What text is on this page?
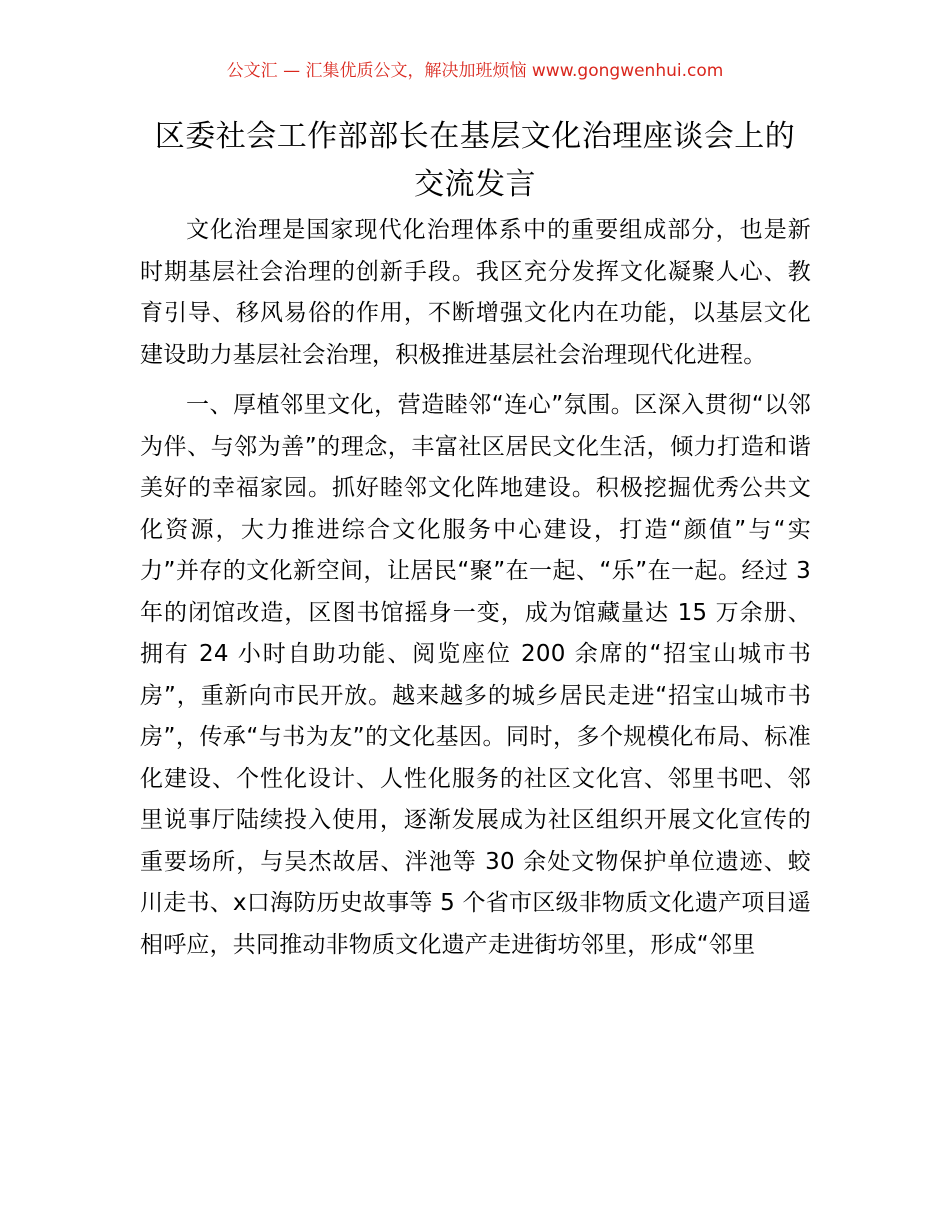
公文汇 — 汇集优质公文，解决加班烦恼 www.gongwenhui.com
区委社会工作部部长在基层文化治理座谈会上的交流发言

文化治理是国家现代化治理体系中的重要组成部分，也是新时期基层社会治理的创新手段。我区充分发挥文化凝聚人心、教育引导、移风易俗的作用，不断增强文化内在功能，以基层文化建设助力基层社会治理，积极推进基层社会治理现代化进程。

一、厚植邻里文化，营造睦邻“连心”氛围。区深入贯彻“以邻为伴、与邻为善”的理念，丰富社区居民文化生活，倾力打造和谐美好的幸福家园。抓好睦邻文化阵地建设。积极挖掘优秀公共文化资源，大力推进综合文化服务中心建设，打造“颜值”与“实力”并存的文化新空间，让居民“聚”在一起、“乐”在一起。经过 3 年的闭馆改造，区图书馆摇身一变，成为馆藏量达 15 万余册、拥有 24 小时自助功能、阅览座位 200 余席的“招宝山城市书房”，重新向市民开放。越来越多的城乡居民走进“招宝山城市书房”，传承“与书为友”的文化基因。同时，多个规模化布局、标准化建设、个性化设计、人性化服务的社区文化宫、邻里书吧、邻里说事厅陆续投入使用，逐渐发展成为社区组织开展文化宣传的重要场所，与吴杰故居、泮池等 30 余处文物保护单位遗迹、蛟川走书、x口海防历史故事等 5 个省市区级非物质文化遗产项目遥相呼应，共同推动非物质文化遗产走进街坊邻里，形成“邻里
